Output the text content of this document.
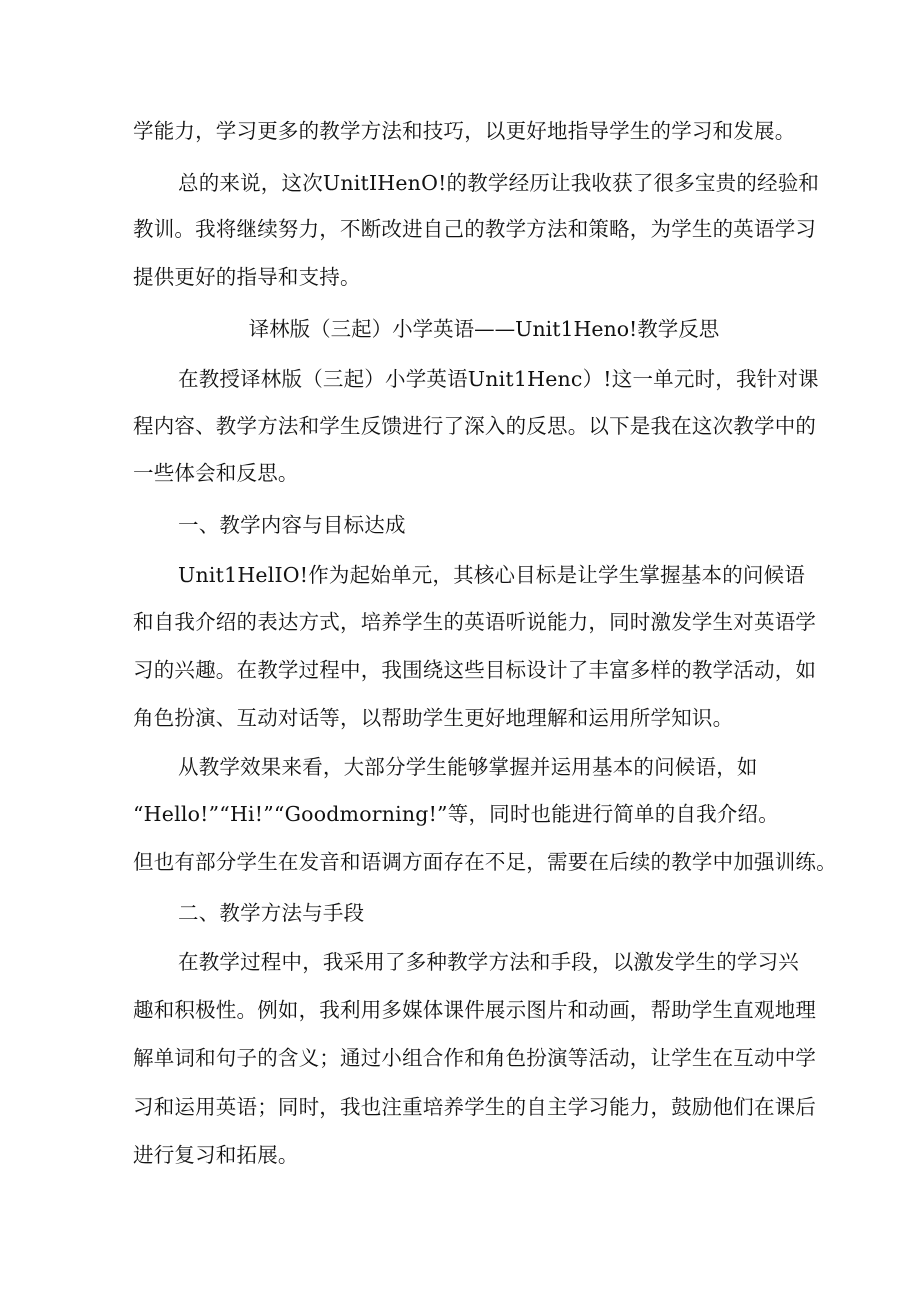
学能力，学习更多的教学方法和技巧，以更好地指导学生的学习和发展。
总的来说，这次UnitIHenO!的教学经历让我收获了很多宝贵的经验和
教训。我将继续努力，不断改进自己的教学方法和策略，为学生的英语学习
提供更好的指导和支持。
译林版（三起）小学英语——Unit1Heno!教学反思
在教授译林版（三起）小学英语Unit1Henc）!这一单元时，我针对课
程内容、教学方法和学生反馈进行了深入的反思。以下是我在这次教学中的
一些体会和反思。
一、教学内容与目标达成
Unit1HelIO!作为起始单元，其核心目标是让学生掌握基本的问候语
和自我介绍的表达方式，培养学生的英语听说能力，同时激发学生对英语学
习的兴趣。在教学过程中，我围绕这些目标设计了丰富多样的教学活动，如
角色扮演、互动对话等，以帮助学生更好地理解和运用所学知识。
从教学效果来看，大部分学生能够掌握并运用基本的问候语，如
“Hello!”“Hi!”“Goodmorning!”等，同时也能进行简单的自我介绍。
但也有部分学生在发音和语调方面存在不足，需要在后续的教学中加强训练。
二、教学方法与手段
在教学过程中，我采用了多种教学方法和手段，以激发学生的学习兴
趣和积极性。例如，我利用多媒体课件展示图片和动画，帮助学生直观地理
解单词和句子的含义；通过小组合作和角色扮演等活动，让学生在互动中学
习和运用英语；同时，我也注重培养学生的自主学习能力，鼓励他们在课后
进行复习和拓展。
